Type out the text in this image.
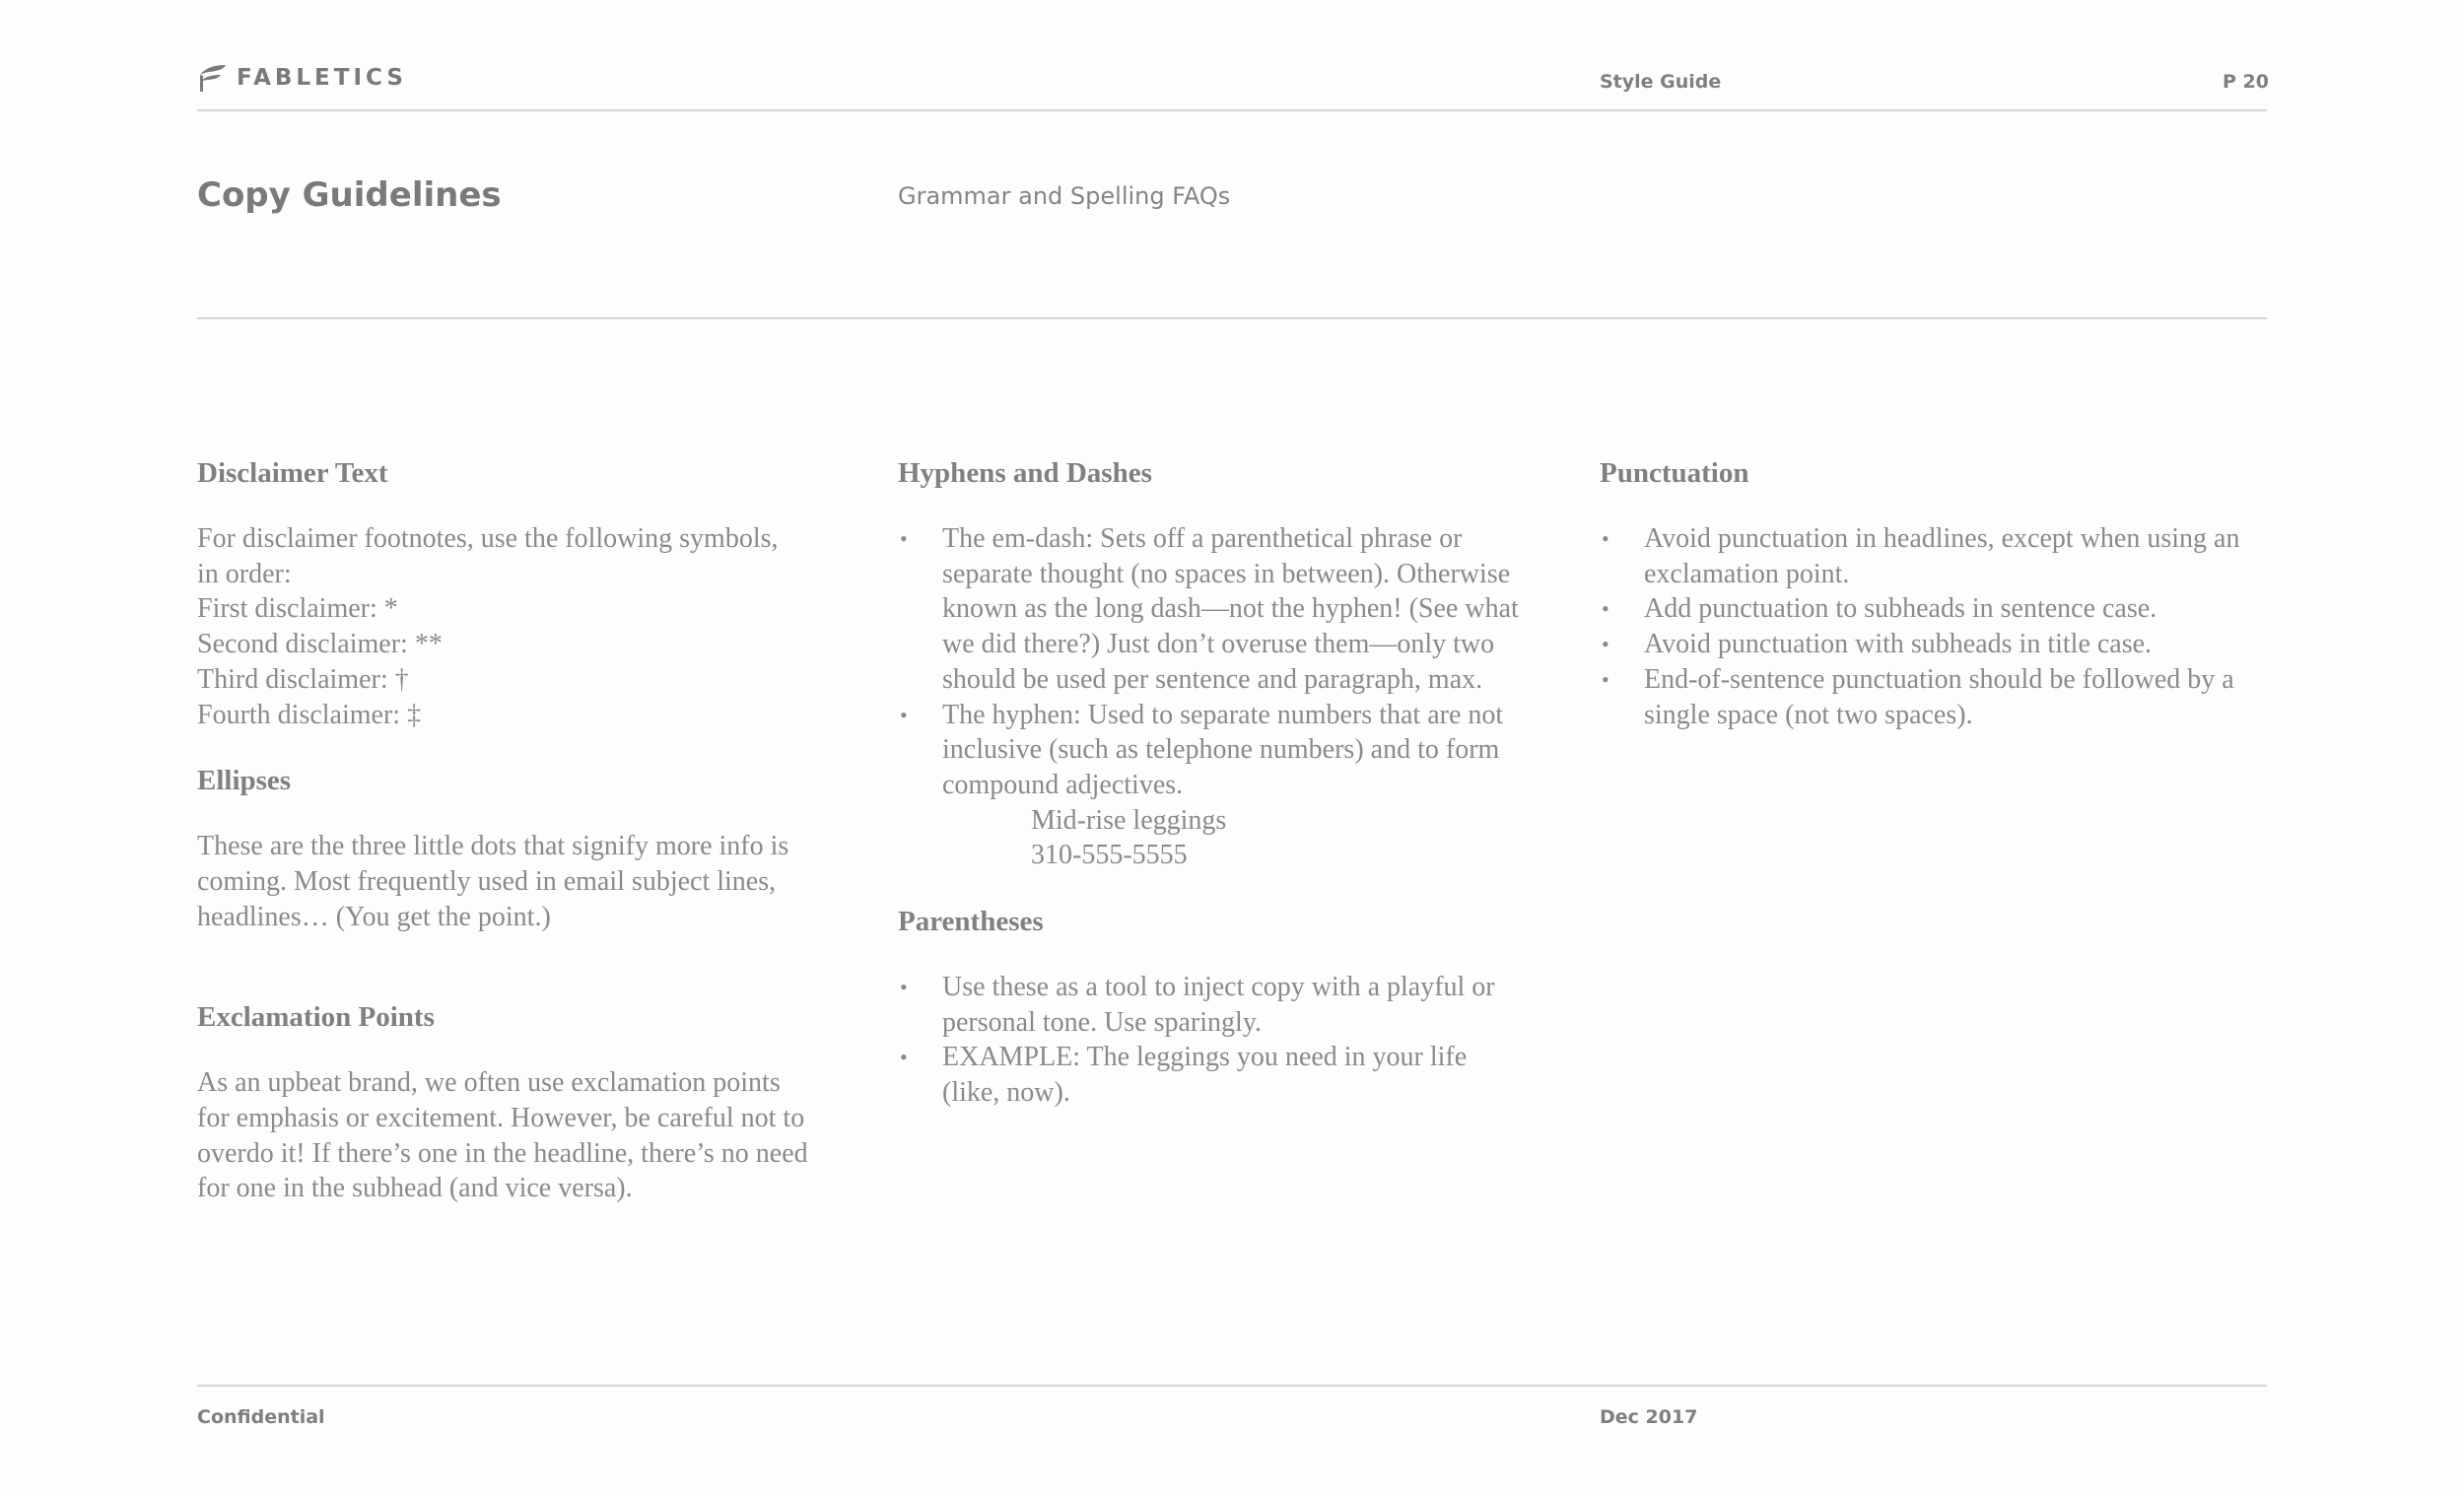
FABLETICS	Style Guide	P 20
Copy Guidelines	Grammar and Spelling FAQs
Disclaimer Text

For disclaimer footnotes, use the following symbols,
in order:
First disclaimer: *
Second disclaimer: **
Third disclaimer: †
Fourth disclaimer: ‡

Ellipses

These are the three little dots that signify more info is
coming. Most frequently used in email subject lines,
headlines… (You get the point.)

Exclamation Points

As an upbeat brand, we often use exclamation points
for emphasis or excitement. However, be careful not to
overdo it! If there’s one in the headline, there’s no need
for one in the subhead (and vice versa).

Hyphens and Dashes
• The em-dash: Sets off a parenthetical phrase or
separate thought (no spaces in between). Otherwise
known as the long dash—not the hyphen! (See what
we did there?) Just don’t overuse them—only two
should be used per sentence and paragraph, max.
• The hyphen: Used to separate numbers that are not
inclusive (such as telephone numbers) and to form
compound adjectives.
Mid-rise leggings
310-555-5555
Parentheses
• Use these as a tool to inject copy with a playful or
personal tone. Use sparingly.
• EXAMPLE: The leggings you need in your life
(like, now).
Punctuation
• Avoid punctuation in headlines, except when using an
exclamation point.
• Add punctuation to subheads in sentence case.
• Avoid punctuation with subheads in title case.
• End-of-sentence punctuation should be followed by a
single space (not two spaces).
Confidential	Dec 2017
